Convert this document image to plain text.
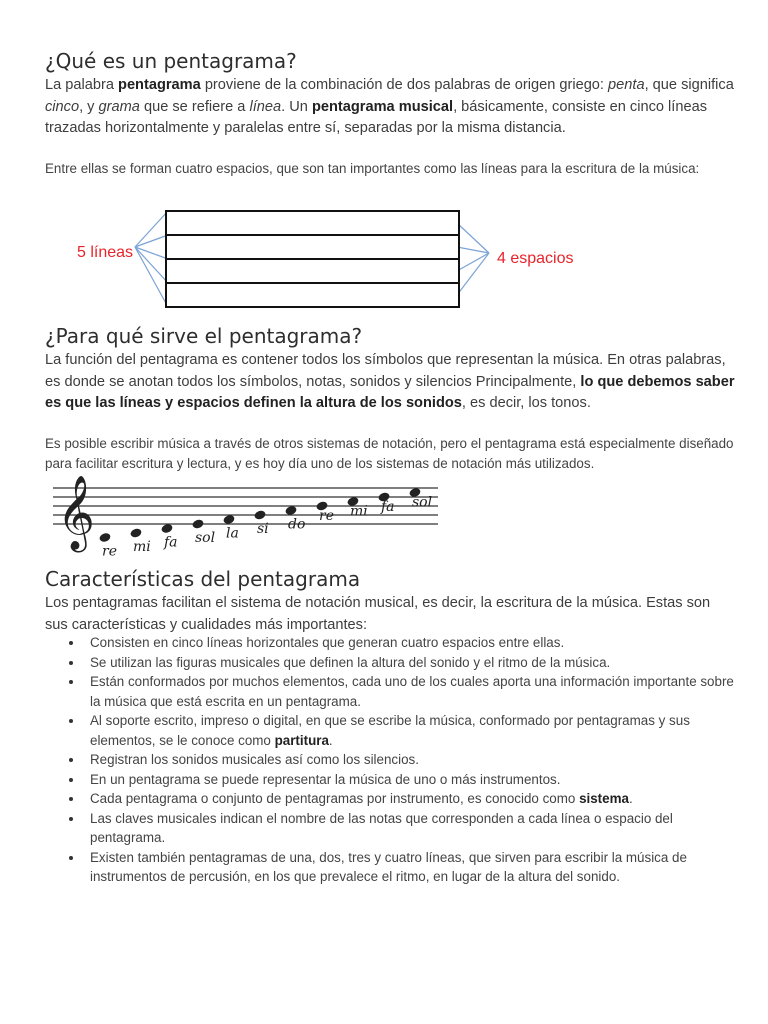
¿Qué es un pentagrama?

La palabra pentagrama proviene de la combinación de dos palabras de origen griego: penta, que significa cinco, y grama que se refiere a línea. Un pentagrama musical, básicamente, consiste en cinco líneas trazadas horizontalmente y paralelas entre sí, separadas por la misma distancia.

Entre ellas se forman cuatro espacios, que son tan importantes como las líneas para la escritura de la música:

5 líneas	4 espacios
¿Para qué sirve el pentagrama?

La función del pentagrama es contener todos los símbolos que representan la música. En otras palabras, es donde se anotan todos los símbolos, notas, sonidos y silencios Principalmente, lo que debemos saber es que las líneas y espacios definen la altura de los sonidos, es decir, los tonos.

Es posible escribir música a través de otros sistemas de notación, pero el pentagrama está especialmente diseñado para facilitar escritura y lectura, y es hoy día uno de los sistemas de notación más utilizados.

𝄞
re mi fa sol la si do
re mi fa sol
Características del pentagrama

Los pentagramas facilitan el sistema de notación musical, es decir, la escritura de la música. Estas son sus características y cualidades más importantes:

Consisten en cinco líneas horizontales que generan cuatro espacios entre ellas.
Se utilizan las figuras musicales que definen la altura del sonido y el ritmo de la música.
Están conformados por muchos elementos, cada uno de los cuales aporta una información importante sobre la música que está escrita en un pentagrama.
Al soporte escrito, impreso o digital, en que se escribe la música, conformado por pentagramas y sus elementos, se le conoce como partitura.
Registran los sonidos musicales así como los silencios.
En un pentagrama se puede representar la música de uno o más instrumentos.
Cada pentagrama o conjunto de pentagramas por instrumento, es conocido como sistema.
Las claves musicales indican el nombre de las notas que corresponden a cada línea o espacio del pentagrama.
Existen también pentagramas de una, dos, tres y cuatro líneas, que sirven para escribir la música de instrumentos de percusión, en los que prevalece el ritmo, en lugar de la altura del sonido.
